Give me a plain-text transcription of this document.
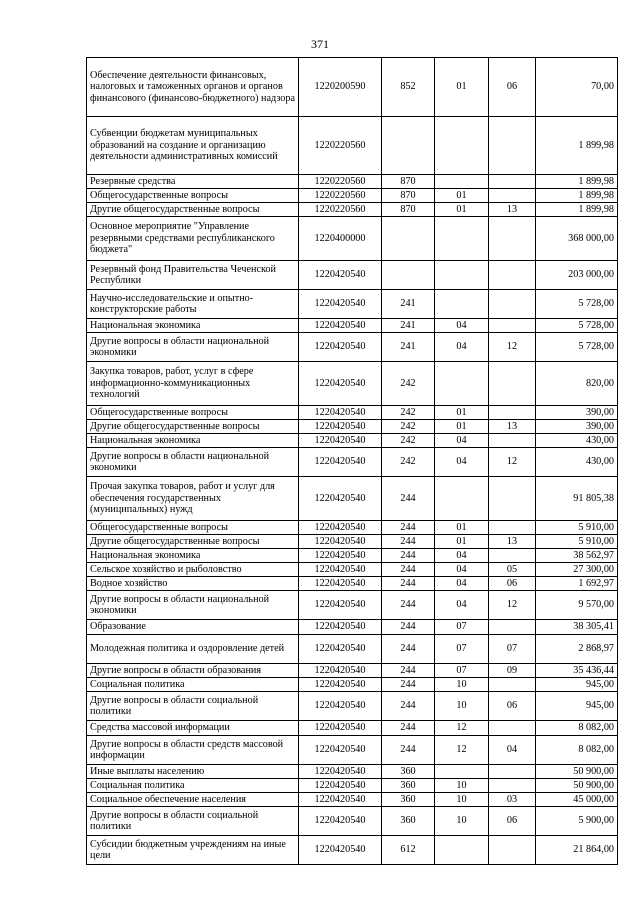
371
Обеспечение деятельности финансовых, налоговых и таможенных органов и органов финансового (финансово-бюджетного) надзора	1220200590	852	01	06	70,00
Субвенции бюджетам муниципальных образований на создание и организацию деятельности административных комиссий	1220220560				1 899,98
Резервные средства	1220220560	870			1 899,98
Общегосударственные вопросы	1220220560	870	01		1 899,98
Другие общегосударственные вопросы	1220220560	870	01	13	1 899,98
Основное мероприятие "Управление резервными средствами республиканского бюджета"	1220400000				368 000,00
Резервный фонд Правительства Чеченской Республики	1220420540				203 000,00
Научно-исследовательские и опытно-конструкторские работы	1220420540	241			5 728,00
Национальная экономика	1220420540	241	04		5 728,00
Другие вопросы в области национальной экономики	1220420540	241	04	12	5 728,00
Закупка товаров, работ, услуг в сфере информационно-коммуникационных технологий	1220420540	242			820,00
Общегосударственные вопросы	1220420540	242	01		390,00
Другие общегосударственные вопросы	1220420540	242	01	13	390,00
Национальная экономика	1220420540	242	04		430,00
Другие вопросы в области национальной экономики	1220420540	242	04	12	430,00
Прочая закупка товаров, работ и услуг для обеспечения государственных (муниципальных) нужд	1220420540	244			91 805,38
Общегосударственные вопросы	1220420540	244	01		5 910,00
Другие общегосударственные вопросы	1220420540	244	01	13	5 910,00
Национальная экономика	1220420540	244	04		38 562,97
Сельское хозяйство и рыболовство	1220420540	244	04	05	27 300,00
Водное хозяйство	1220420540	244	04	06	1 692,97
Другие вопросы в области национальной экономики	1220420540	244	04	12	9 570,00
Образование	1220420540	244	07		38 305,41
Молодежная политика и оздоровление детей	1220420540	244	07	07	2 868,97
Другие вопросы в области образования	1220420540	244	07	09	35 436,44
Социальная политика	1220420540	244	10		945,00
Другие вопросы в области социальной политики	1220420540	244	10	06	945,00
Средства массовой информации	1220420540	244	12		8 082,00
Другие вопросы в области средств массовой информации	1220420540	244	12	04	8 082,00
Иные выплаты населению	1220420540	360			50 900,00
Социальная политика	1220420540	360	10		50 900,00
Социальное обеспечение населения	1220420540	360	10	03	45 000,00
Другие вопросы в области социальной политики	1220420540	360	10	06	5 900,00
Субсидии бюджетным учреждениям на иные цели	1220420540	612			21 864,00
